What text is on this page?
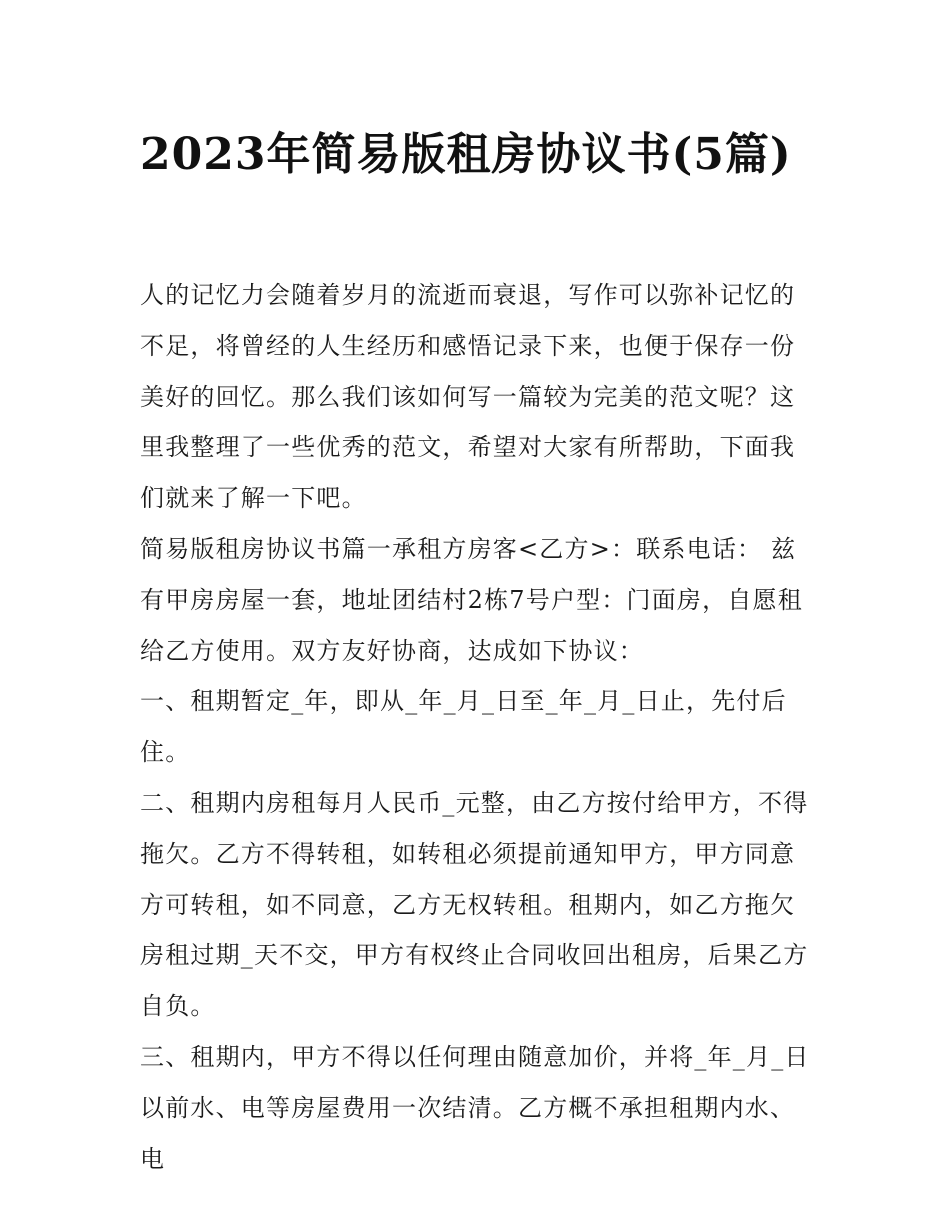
2023年简易版租房协议书(5篇)

人的记忆力会随着岁月的流逝而衰退，写作可以弥补记忆的不足，将曾经的人生经历和感悟记录下来，也便于保存一份美好的回忆。那么我们该如何写一篇较为完美的范文呢？这里我整理了一些优秀的范文，希望对大家有所帮助，下面我们就来了解一下吧。

简易版租房协议书篇一承租方房客<乙方>：联系电话： 兹有甲房房屋一套，地址团结村2栋7号户型：门面房，自愿租给乙方使用。双方友好协商，达成如下协议：

一、租期暂定_年，即从_年_月_日至_年_月_日止，先付后住。

二、租期内房租每月人民币_元整，由乙方按付给甲方，不得拖欠。乙方不得转租，如转租必须提前通知甲方，甲方同意方可转租，如不同意，乙方无权转租。租期内，如乙方拖欠房租过期_天不交，甲方有权终止合同收回出租房，后果乙方自负。

三、租期内，甲方不得以任何理由随意加价，并将_年_月_日以前水、电等房屋费用一次结清。乙方概不承担租期内水、电
